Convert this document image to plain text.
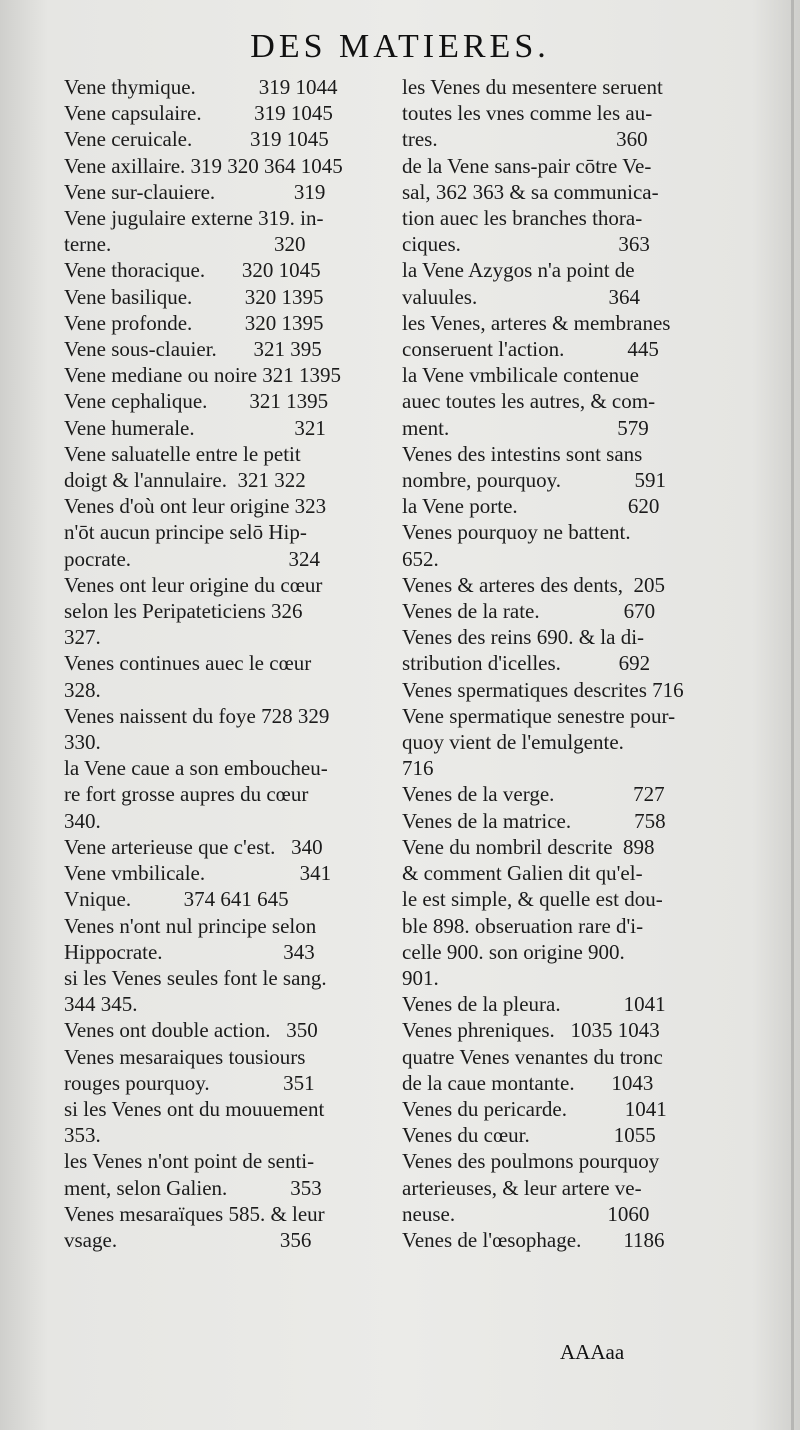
DES MATIERES.
Vene thymique.            319 1044
Vene capsulaire.          319 1045
Vene ceruicale.           319 1045
Vene axillaire. 319 320 364 1045
Vene sur-clauiere.               319
Vene jugulaire externe 319. in-
terne.                               320
Vene thoracique.       320 1045
Vene basilique.          320 1395
Vene profonde.          320 1395
Vene sous-clauier.       321 395
Vene mediane ou noire 321 1395
Vene cephalique.        321 1395
Vene humerale.                   321
Vene saluatelle entre le petit
doigt & l'annulaire.  321 322
Venes d'où ont leur origine 323
n'ōt aucun principe selō Hip-
pocrate.                              324
Venes ont leur origine du cœur
selon les Peripateticiens 326
327.
Venes continues auec le cœur
328.
Venes naissent du foye 728 329
330.
la Vene caue a son emboucheu-
re fort grosse aupres du cœur
340.
Vene arterieuse que c'est.   340
Vene vmbilicale.                  341
Vnique.          374 641 645
Venes n'ont nul principe selon
Hippocrate.                       343
si les Venes seules font le sang.
344 345.
Venes ont double action.   350
Venes mesaraiques tousiours
rouges pourquoy.              351
si les Venes ont du mouuement
353.
les Venes n'ont point de senti-
ment, selon Galien.            353
Venes mesaraïques 585. & leur
vsage.                               356
les Venes du mesentere seruent
toutes les vnes comme les au-
tres.                                  360
de la Vene sans-pair cōtre Ve-
sal, 362 363 & sa communica-
tion auec les branches thora-
ciques.                              363
la Vene Azygos n'a point de
valuules.                         364
les Venes, arteres & membranes
conseruent l'action.            445
la Vene vmbilicale contenue
auec toutes les autres, & com-
ment.                                579
Venes des intestins sont sans
nombre, pourquoy.              591
la Vene porte.                     620
Venes pourquoy ne battent.
652.
Venes & arteres des dents,  205
Venes de la rate.                670
Venes des reins 690. & la di-
stribution d'icelles.           692
Venes spermatiques descrites 716
Vene spermatique senestre pour-
quoy vient de l'emulgente.
716
Venes de la verge.               727
Venes de la matrice.            758
Vene du nombril descrite  898
& comment Galien dit qu'el-
le est simple, & quelle est dou-
ble 898. obseruation rare d'i-
celle 900. son origine 900.
901.
Venes de la pleura.            1041
Venes phreniques.   1035 1043
quatre Venes venantes du tronc
de la caue montante.       1043
Venes du pericarde.           1041
Venes du cœur.                1055
Venes des poulmons pourquoy
arterieuses, & leur artere ve-
neuse.                             1060
Venes de l'œsophage.        1186
AAAaa
